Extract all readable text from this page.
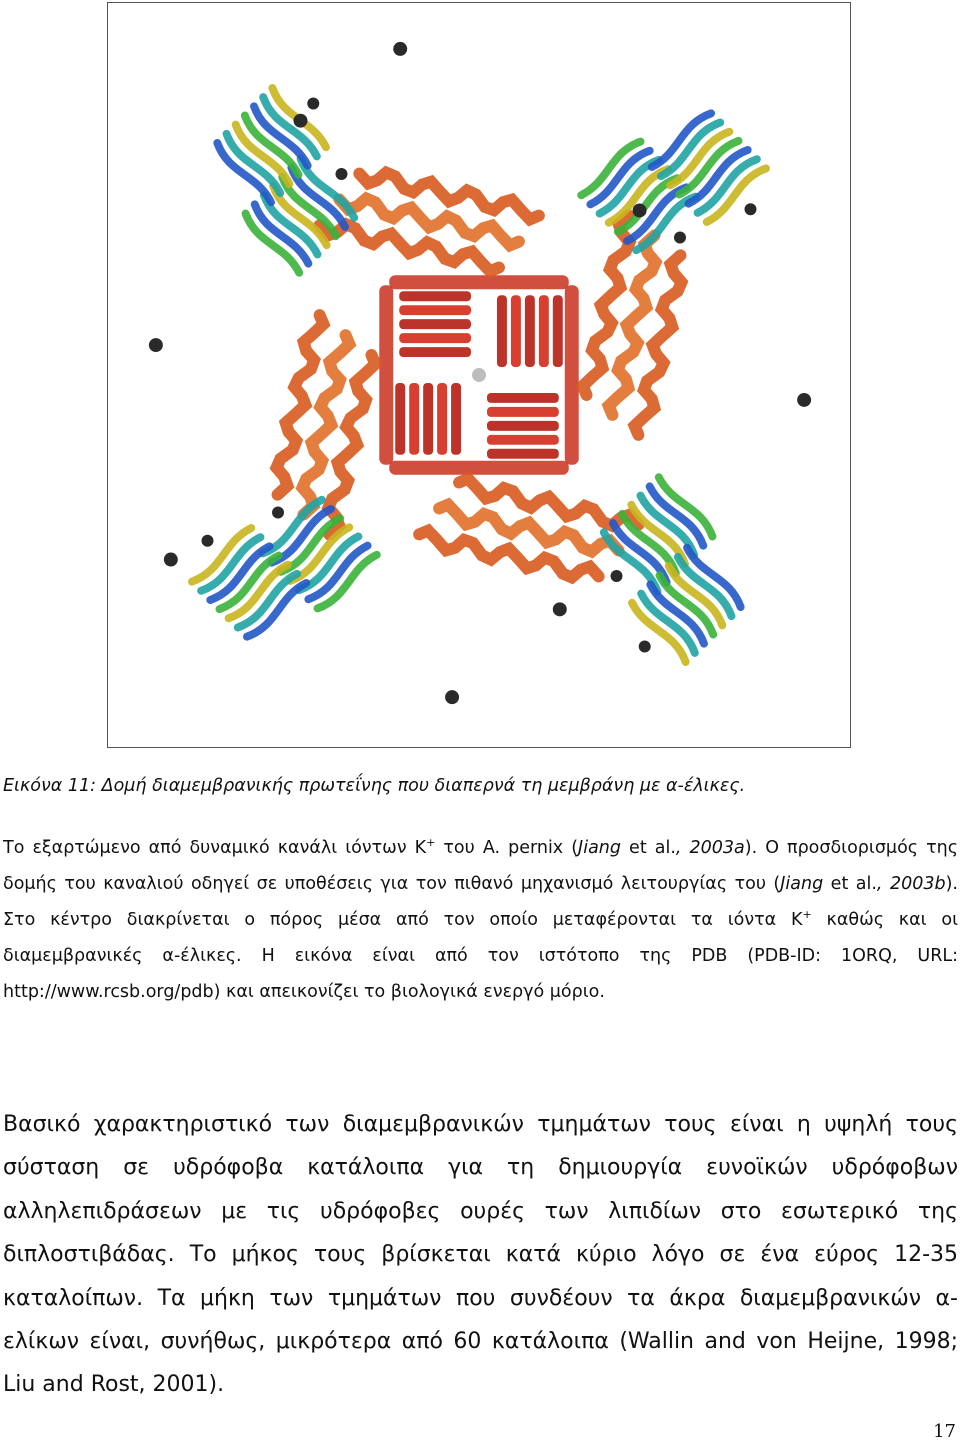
Εικόνα 11: Δομή διαμεμβρανικής πρωτεΐνης που διαπερνά τη μεμβράνη με α-έλικες.
Το εξαρτώμενο από δυναμικό κανάλι ιόντων K+ του A. pernix (Jiang et al., 2003a). Ο προσδιορισμός της δομής του καναλιού οδηγεί σε υποθέσεις για τον πιθανό μηχανισμό λειτουργίας του (Jiang et al., 2003b). Στο κέντρο διακρίνεται ο πόρος μέσα από τον οποίο μεταφέρονται τα ιόντα K+ καθώς και οι διαμεμβρανικές α-έλικες. Η εικόνα είναι από τον ιστότοπο της PDB (PDB-ID: 1ORQ, URL: http://www.rcsb.org/pdb) και απεικονίζει το βιολογικά ενεργό μόριο.
Βασικό χαρακτηριστικό των διαμεμβρανικών τμημάτων τους είναι η υψηλή τους σύσταση σε υδρόφοβα κατάλοιπα για τη δημιουργία ευνοϊκών υδρόφοβων αλληλεπιδράσεων με τις υδρόφοβες ουρές των λιπιδίων στο εσωτερικό της διπλοστιβάδας. Το μήκος τους βρίσκεται κατά κύριο λόγο σε ένα εύρος 12-35 καταλοίπων. Τα μήκη των τμημάτων που συνδέουν τα άκρα διαμεμβρανικών α-ελίκων είναι, συνήθως, μικρότερα από 60 κατάλοιπα (Wallin and von Heijne, 1998; Liu and Rost, 2001).
17
